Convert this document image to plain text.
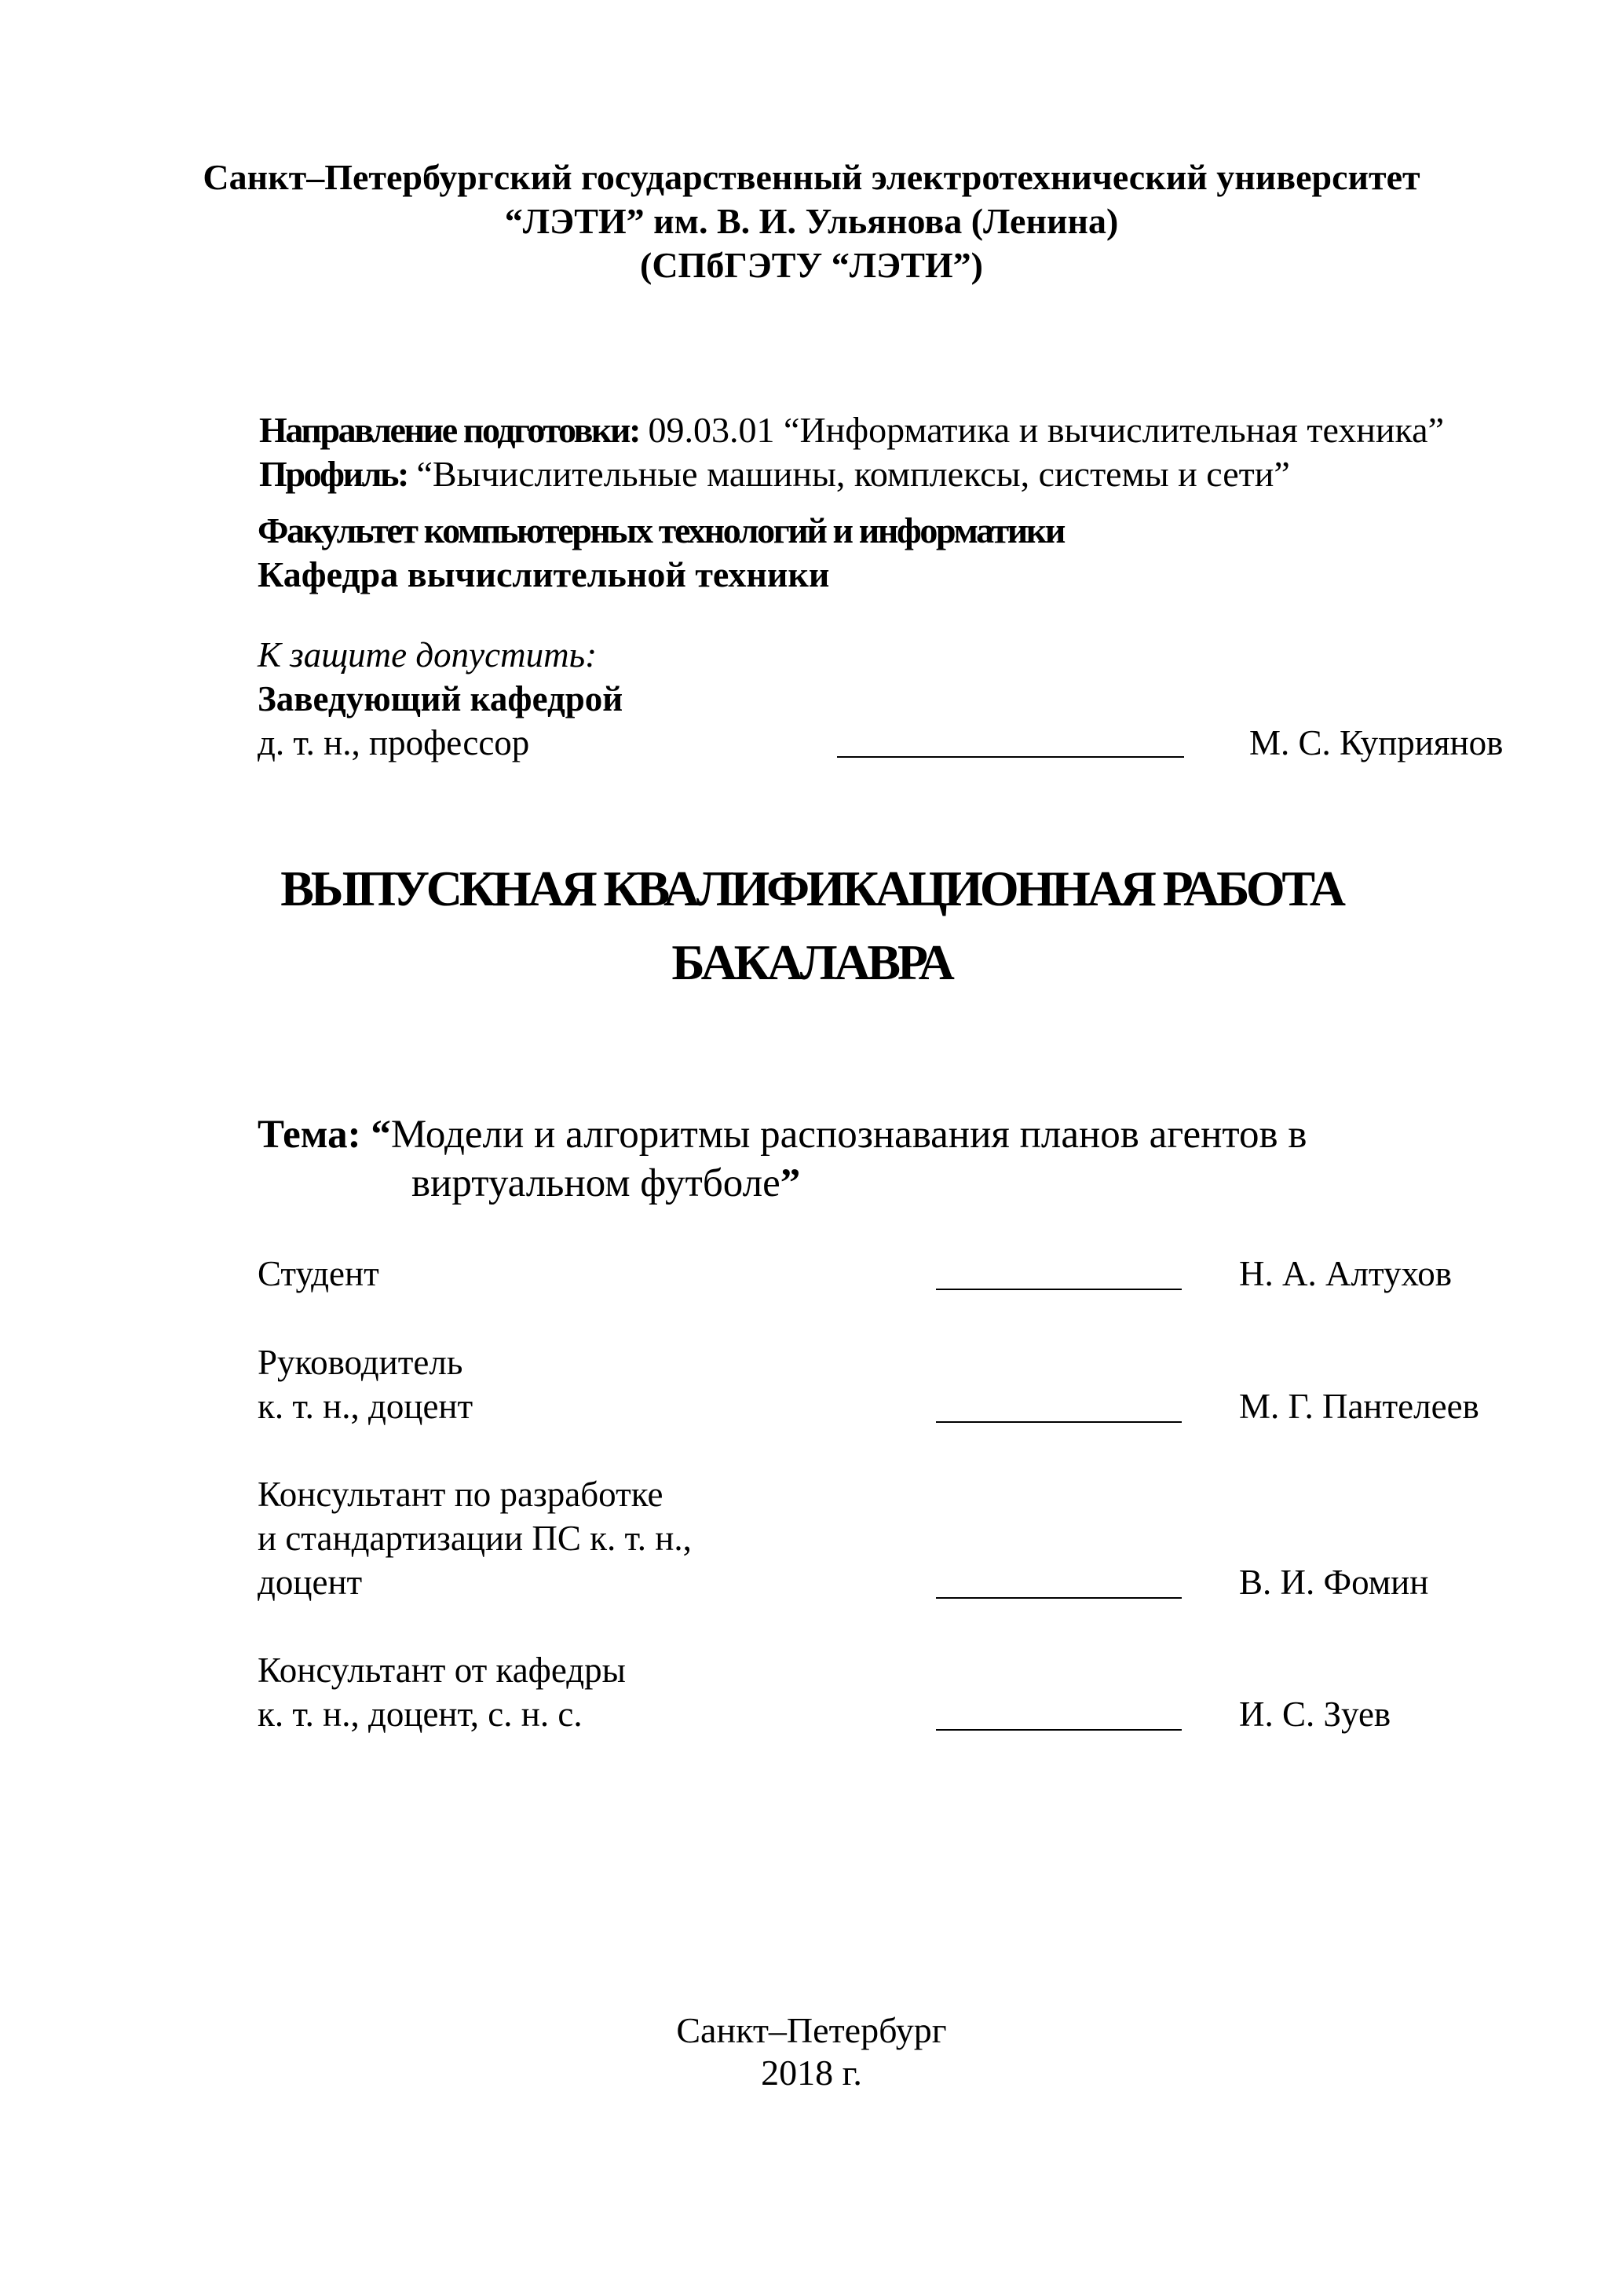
Санкт–Петербургский государственный электротехнический университет
“ЛЭТИ” им. В. И. Ульянова (Ленина)
(СПбГЭТУ “ЛЭТИ”)
Направление подготовки: 09.03.01 “Информатика и вычислительная техника”
Профиль: “Вычислительные машины, комплексы, системы и сети”
Факультет компьютерных технологий и информатики
Кафедра вычислительной техники
К защите допустить:
Заведующий кафедрой
д. т. н., профессор	М. С. Куприянов
ВЫПУСКНАЯ КВАЛИФИКАЦИОННАЯ РАБОТА
БАКАЛАВРА
Тема: “Модели и алгоритмы распознавания планов агентов в
виртуальном футболе”
Студент	Н. А. Алтухов
Руководитель
к. т. н., доцент	М. Г. Пантелеев
Консультант по разработке
и стандартизации ПС к. т. н.,
доцент	В. И. Фомин
Консультант от кафедры
к. т. н., доцент, с. н. с.	И. С. Зуев
Санкт–Петербург
2018 г.
